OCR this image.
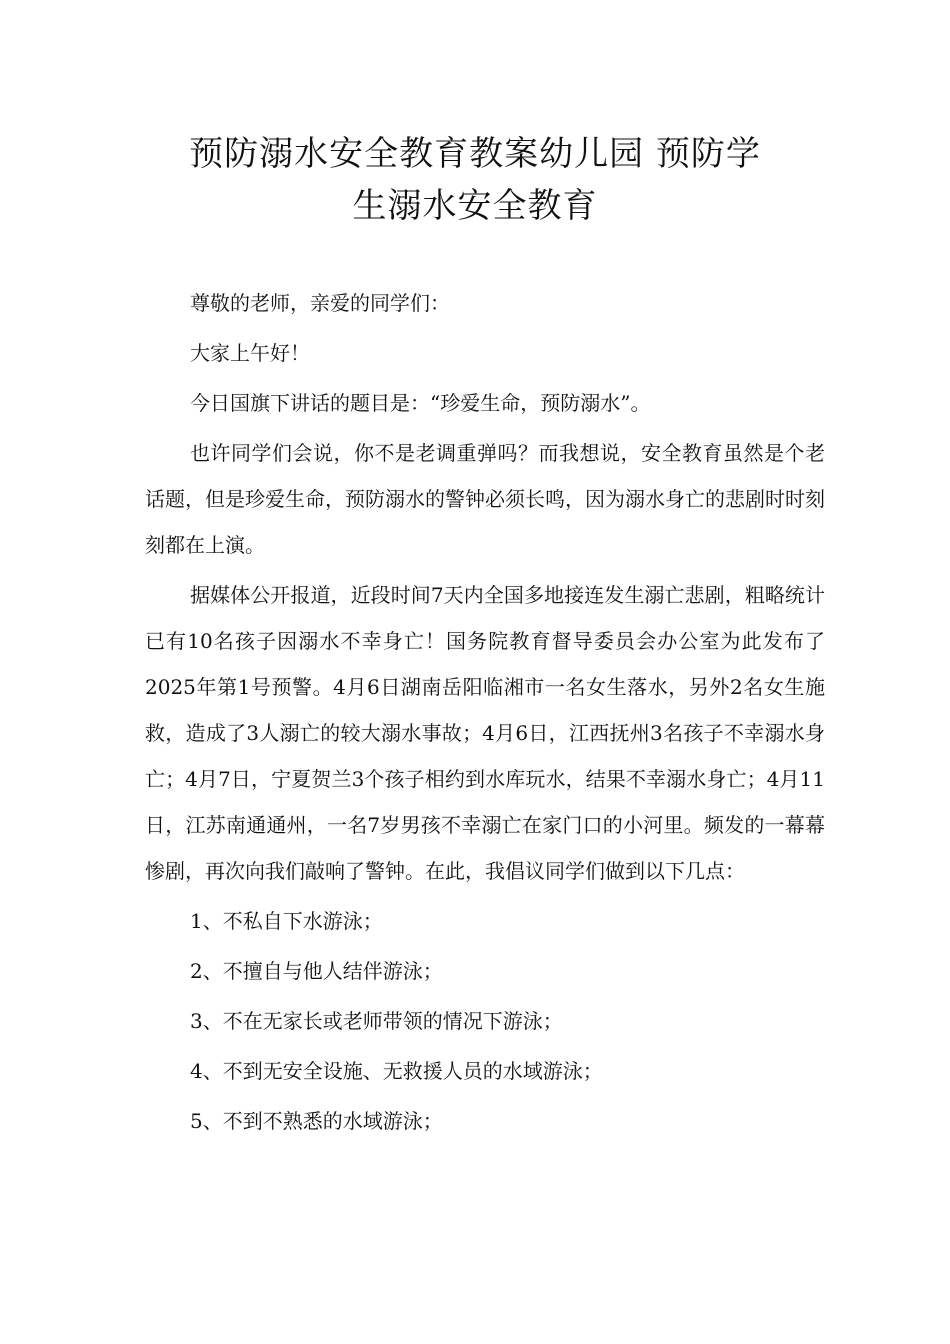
预防溺水安全教育教案幼儿园 预防学
生溺水安全教育

尊敬的老师，亲爱的同学们：

大家上午好！

今日国旗下讲话的题目是：“珍爱生命，预防溺水”。

也许同学们会说，你不是老调重弹吗？而我想说，安全教育虽然是个老话题，但是珍爱生命，预防溺水的警钟必须长鸣，因为溺水身亡的悲剧时时刻刻都在上演。

据媒体公开报道，近段时间7天内全国多地接连发生溺亡悲剧，粗略统计已有10名孩子因溺水不幸身亡！国务院教育督导委员会办公室为此发布了2025年第1号预警。4月6日湖南岳阳临湘市一名女生落水，另外2名女生施救，造成了3人溺亡的较大溺水事故；4月6日，江西抚州3名孩子不幸溺水身亡；4月7日，宁夏贺兰3个孩子相约到水库玩水，结果不幸溺水身亡；4月11日，江苏南通通州，一名7岁男孩不幸溺亡在家门口的小河里。频发的一幕幕惨剧，再次向我们敲响了警钟。在此，我倡议同学们做到以下几点：

1、不私自下水游泳；

2、不擅自与他人结伴游泳；

3、不在无家长或老师带领的情况下游泳；

4、不到无安全设施、无救援人员的水域游泳；

5、不到不熟悉的水域游泳；
